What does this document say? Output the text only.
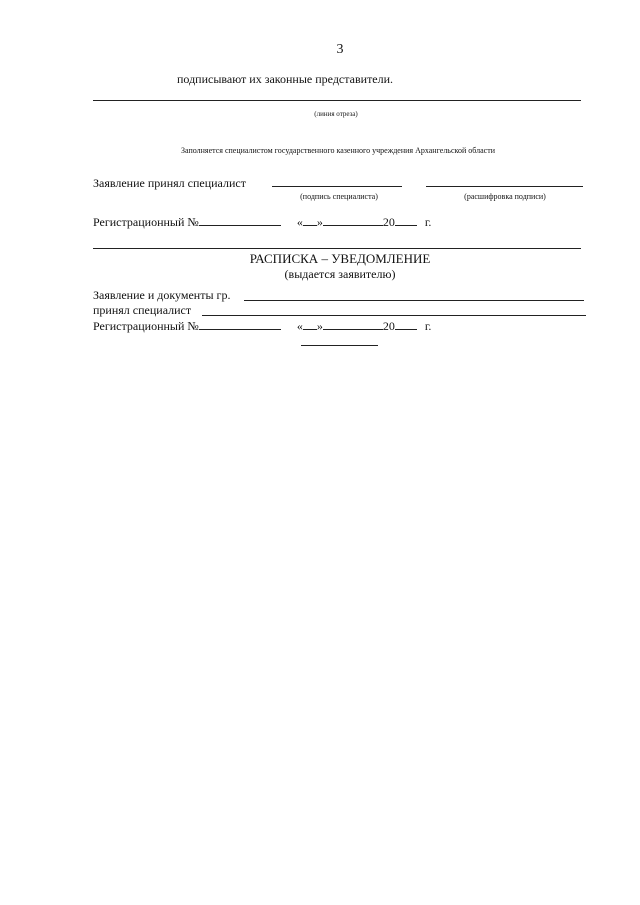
3
подписывают их законные представители.
(линия отреза)
Заполняется специалистом государственного казенного учреждения Архангельской области
Заявление принял специалист
(подпись специалиста)	(расшифровка подписи)
Регистрационный №	« »	20	г.
РАСПИСКА – УВЕДОМЛЕНИЕ
(выдается заявителю)
Заявление и документы гр.
принял специалист
Регистрационный №	« »	20	г.
